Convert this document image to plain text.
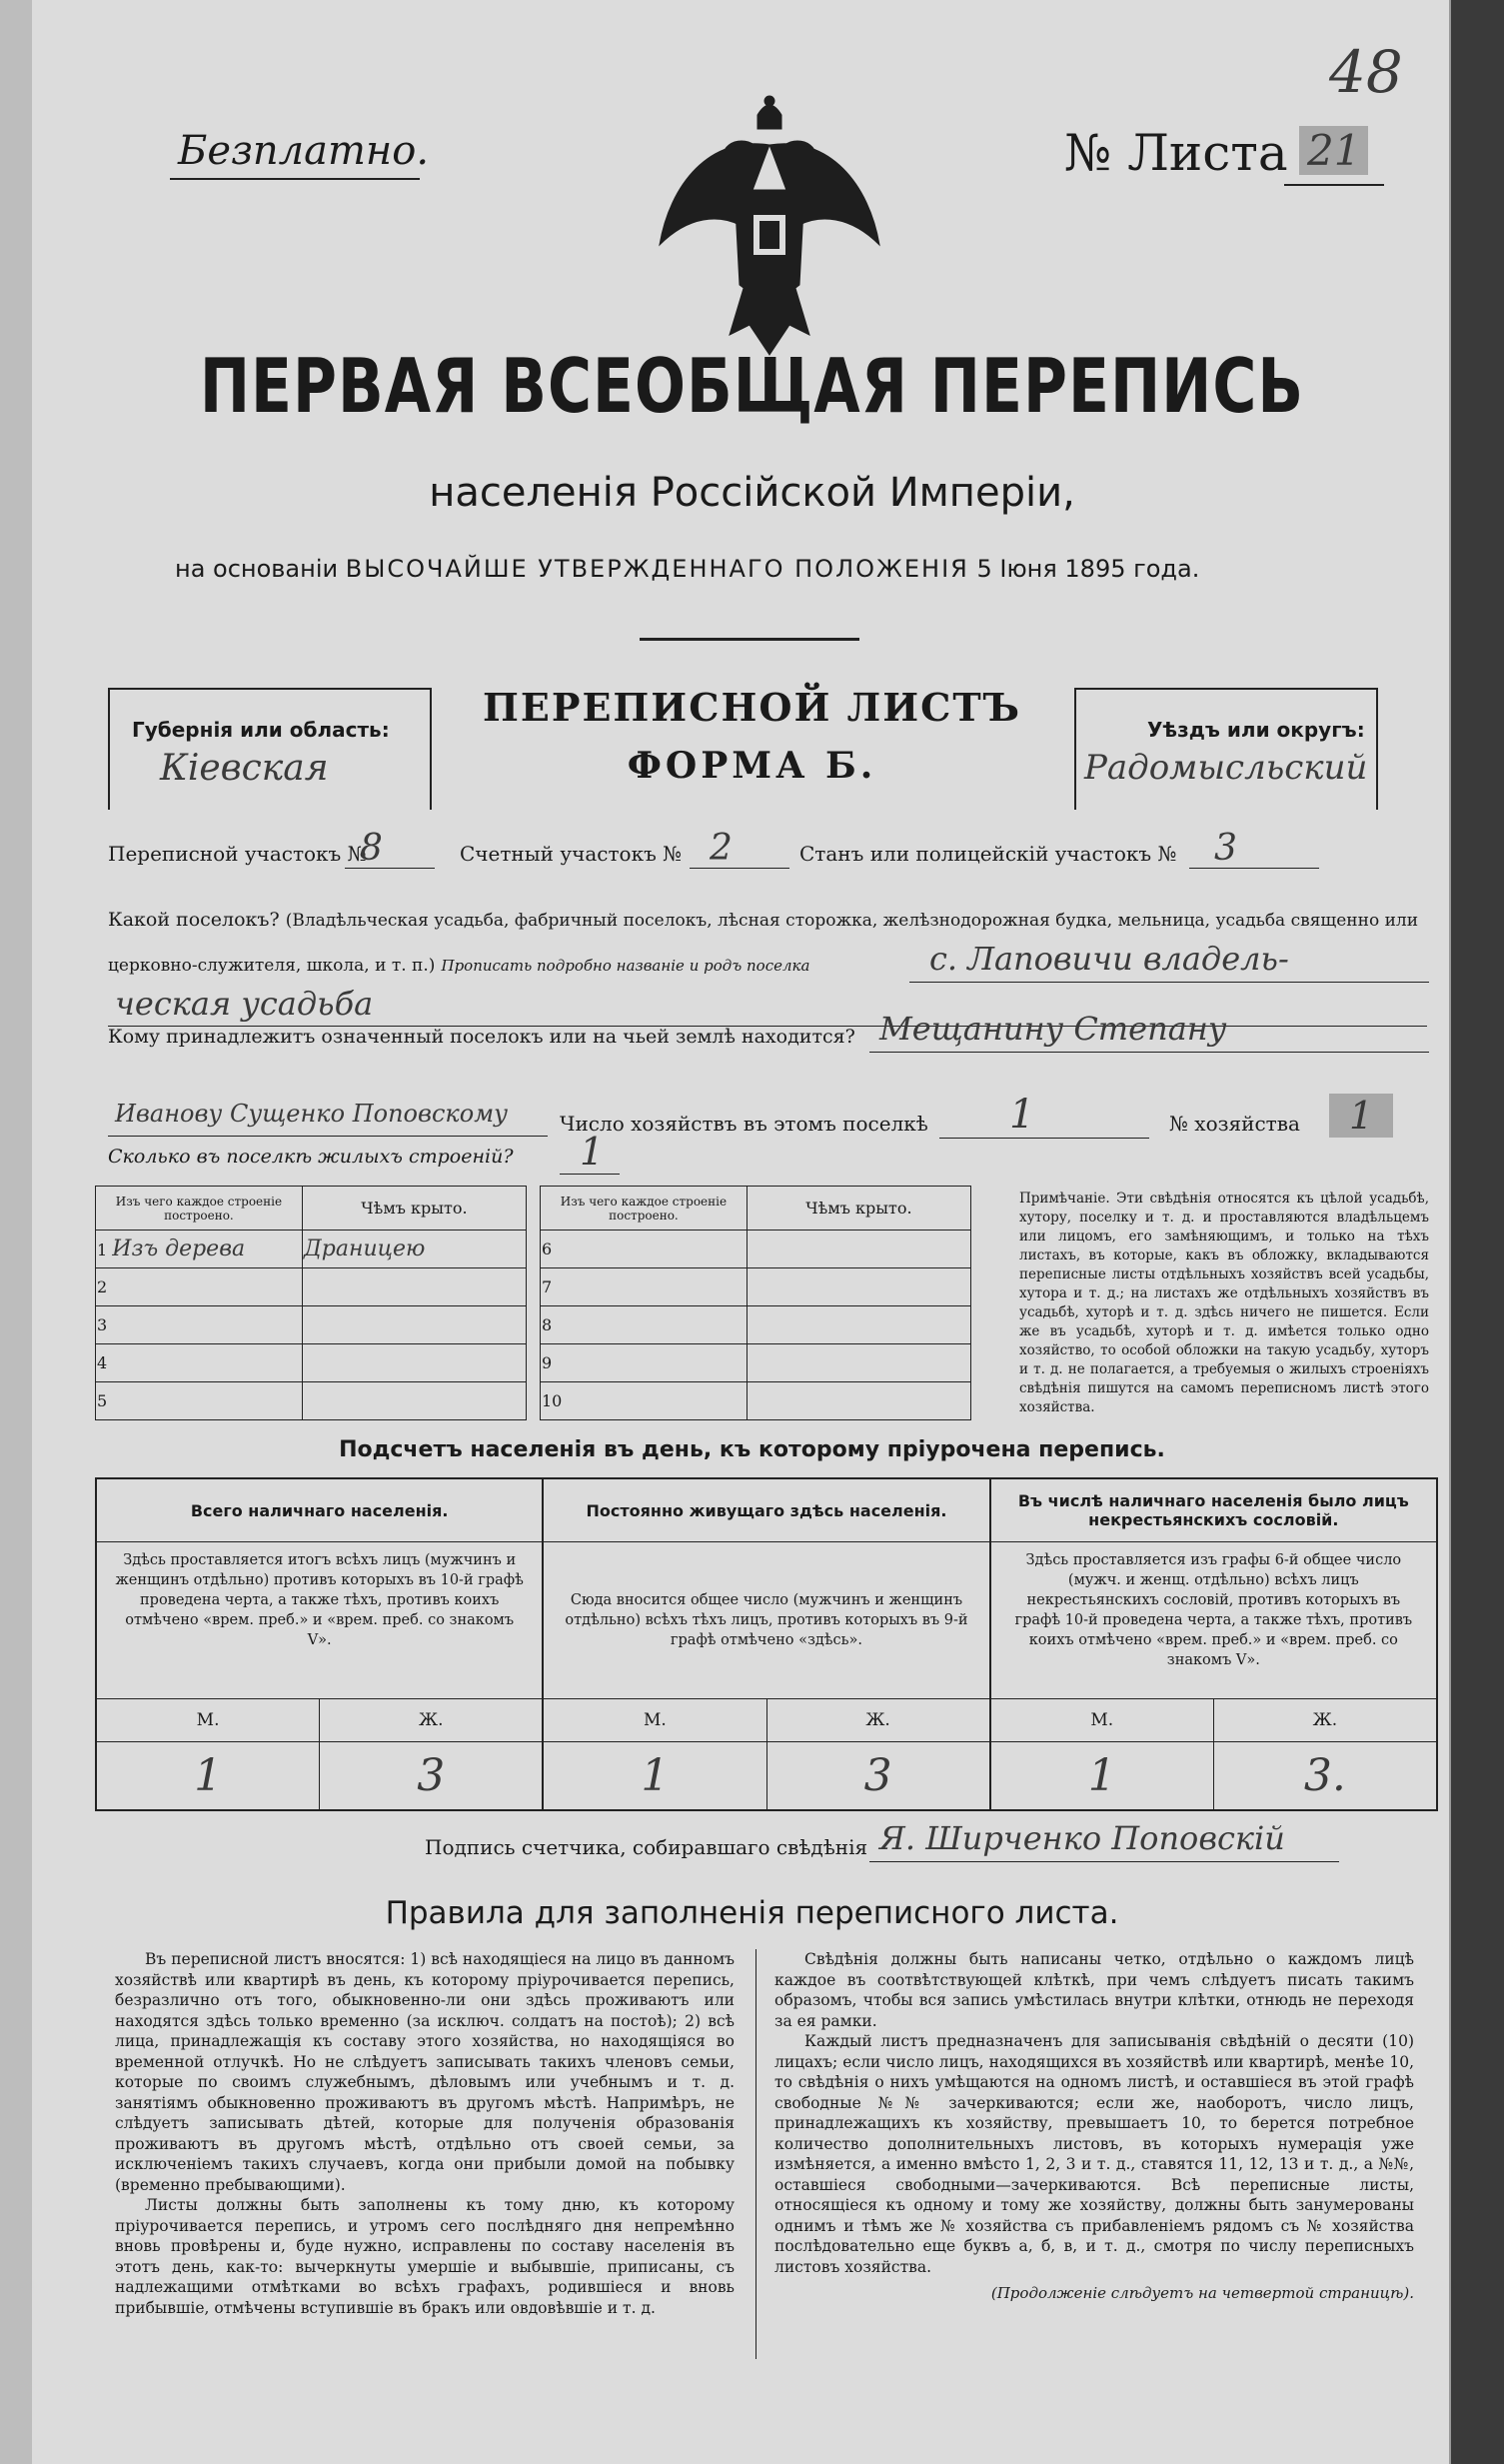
48
Безплатно.	№ Листа 21
ПЕРВАЯ ВСЕОБЩАЯ ПЕРЕПИСЬ
населенія Россійской Имперіи,
на основаніи ВЫСОЧАЙШЕ УТВЕРЖДЕННАГО ПОЛОЖЕНІЯ 5 Іюня 1895 года.
Губернія или область:
Кіевская
Уѣздъ или округъ:
Радомысльский
ПЕРЕПИСНОЙ ЛИСТЪ
ФОРМА Б.
Переписной участокъ №
8	Счетный участокъ № 2	Станъ или полицейскій участокъ № 3
Какой поселокъ? (Владѣльческая усадьба, фабричный поселокъ, лѣсная сторожка, желѣзнодорожная будка, мельница, усадьба священно или церковно-служителя, школа, и т. п.) Прописать подробно названіе и родъ поселка	с. Лаповичи владель-
ческая усадьба
Кому принадлежитъ означенный поселокъ или на чьей землѣ находится? Мещанину Степану
Иванову Сущенко Поповскому	Число хозяйствъ въ этомъ поселкѣ 1	№ хозяйства	1
Сколько въ поселкѣ жилыхъ строеній? 1
Изъ чего каждое строеніе построено.	Чѣмъ крыто.
1 Изъ дерева	Драницею
2	
3	
4	
5	
Изъ чего каждое строеніе построено.	Чѣмъ крыто.
6	
7	
8	
9	
10	
Примѣчаніе. Эти свѣдѣнія относятся къ цѣлой усадьбѣ, хутору, поселку и т. д. и проставляются владѣльцемъ или лицомъ, его замѣняющимъ, и только на тѣхъ листахъ, въ которые, какъ въ обложку, вкладываются переписные листы отдѣльныхъ хозяйствъ всей усадьбы, хутора и т. д.; на листахъ же отдѣльныхъ хозяйствъ въ усадьбѣ, хуторѣ и т. д. здѣсь ничего не пишется. Если же въ усадьбѣ, хуторѣ и т. д. имѣется только одно хозяйство, то особой обложки на такую усадьбу, хуторъ и т. д. не полагается, а требуемыя о жилыхъ строеніяхъ свѣдѣнія пишутся на самомъ переписномъ листѣ этого хозяйства.
Подсчетъ населенія въ день, къ которому пріурочена перепись.
Всего наличнаго населенія.
Здѣсь проставляется итогъ всѣхъ лицъ (мужчинъ и женщинъ отдѣльно) противъ которыхъ въ 10-й графѣ проведена черта, а также тѣхъ, противъ коихъ отмѣчено «врем. преб.» и «врем. преб. со знакомъ V».
М.	Ж.
1	3
Постоянно живущаго здѣсь населенія.
Сюда вносится общее число (мужчинъ и женщинъ отдѣльно) всѣхъ тѣхъ лицъ, противъ которыхъ въ 9-й графѣ отмѣчено «здѣсь».
М.	Ж.
1	3
Въ числѣ наличнаго населенія было лицъ некрестьянскихъ сословій.
Здѣсь проставляется изъ графы 6-й общее число (мужч. и женщ. отдѣльно) всѣхъ лицъ некрестьянскихъ сословій, противъ которыхъ въ графѣ 10-й проведена черта, а также тѣхъ, противъ коихъ отмѣчено «врем. преб.» и «врем. преб. со знакомъ V».
М.	Ж.
1	3.
Подпись счетчика, собиравшаго свѣдѣнія Я. Ширченко Поповскій
Правила для заполненія переписного листа.

Въ переписной листъ вносятся: 1) всѣ находящіеся на лицо въ данномъ хозяйствѣ или квартирѣ въ день, къ которому пріурочивается перепись, безразлично отъ того, обыкновенно-ли они здѣсь проживаютъ или находятся здѣсь только временно (за исключ. солдатъ на постоѣ); 2) всѣ лица, принадлежащія къ составу этого хозяйства, но находящіяся во временной отлучкѣ. Но не слѣдуетъ записывать такихъ членовъ семьи, которые по своимъ служебнымъ, дѣловымъ или учебнымъ и т. д. занятіямъ обыкновенно проживаютъ въ другомъ мѣстѣ. Напримѣръ, не слѣдуетъ записывать дѣтей, которые для полученія образованія проживаютъ въ другомъ мѣстѣ, отдѣльно отъ своей семьи, за исключеніемъ такихъ случаевъ, когда они прибыли домой на побывку (временно пребывающими).

Листы должны быть заполнены къ тому дню, къ которому пріурочивается перепись, и утромъ сего послѣдняго дня непремѣнно вновь провѣрены и, буде нужно, исправлены по составу населенія въ этотъ день, как-то: вычеркнуты умершіе и выбывшіе, приписаны, съ надлежащими отмѣтками во всѣхъ графахъ, родившіеся и вновь прибывшіе, отмѣчены вступившіе въ бракъ или овдовѣвшіе и т. д.

Свѣдѣнія должны быть написаны четко, отдѣльно о каждомъ лицѣ каждое въ соотвѣтствующей клѣткѣ, при чемъ слѣдуетъ писать такимъ образомъ, чтобы вся запись умѣстилась внутри клѣтки, отнюдь не переходя за ея рамки.

Каждый листъ предназначенъ для записыванія свѣдѣній о десяти (10) лицахъ; если число лицъ, находящихся въ хозяйствѣ или квартирѣ, менѣе 10, то свѣдѣнія о нихъ умѣщаются на одномъ листѣ, и оставшіеся въ этой графѣ свободные №№ зачеркиваются; если же, наоборотъ, число лицъ, принадлежащихъ къ хозяйству, превышаетъ 10, то берется потребное количество дополнительныхъ листовъ, въ которыхъ нумерація уже измѣняется, а именно вмѣсто 1, 2, 3 и т. д., ставятся 11, 12, 13 и т. д., а №№, оставшіеся свободными—зачеркиваются. Всѣ переписные листы, относящіеся къ одному и тому же хозяйству, должны быть занумерованы однимъ и тѣмъ же № хозяйства съ прибавленіемъ рядомъ съ № хозяйства послѣдовательно еще буквъ а, б, в, и т. д., смотря по числу переписныхъ листовъ хозяйства.

(Продолженіе слѣдуетъ на четвертой страницѣ).
